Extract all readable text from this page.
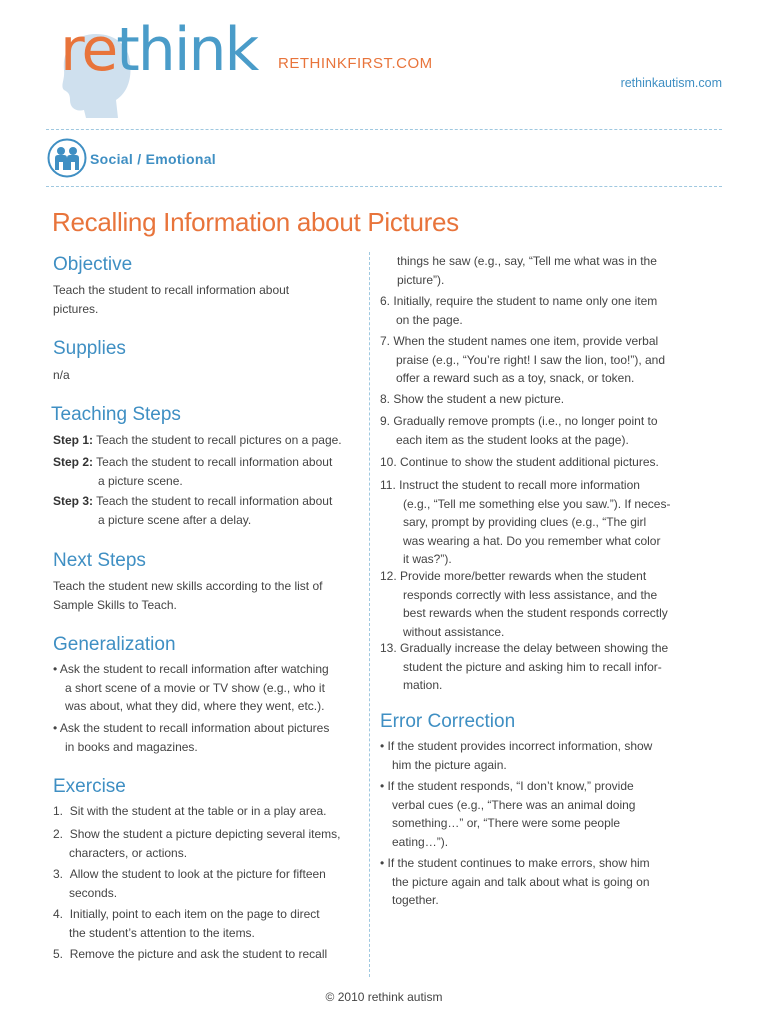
rethink RETHINKFIRST.COM
rethinkautism.com
Social / Emotional
Recalling Information about Pictures
Objective
Teach the student to recall information about
pictures.
Supplies
n/a
Teaching Steps
Step 1: Teach the student to recall pictures on a page.
Step 2: Teach the student to recall information about
a picture scene.
Step 3: Teach the student to recall information about
a picture scene after a delay.
Next Steps
Teach the student new skills according to the list of
Sample Skills to Teach.
Generalization
• Ask the student to recall information after watching
a short scene of a movie or TV show (e.g., who it
was about, what they did, where they went, etc.).
• Ask the student to recall information about pictures
in books and magazines.
Exercise
1. Sit with the student at the table or in a play area.
2. Show the student a picture depicting several items,
characters, or actions.
3. Allow the student to look at the picture for fifteen
seconds.
4. Initially, point to each item on the page to direct
the student’s attention to the items.
5. Remove the picture and ask the student to recall
things he saw (e.g., say, “Tell me what was in the
picture”).
6. Initially, require the student to name only one item
on the page.
7. When the student names one item, provide verbal
praise (e.g., “You’re right! I saw the lion, too!”), and
offer a reward such as a toy, snack, or token.
8. Show the student a new picture.
9. Gradually remove prompts (i.e., no longer point to
each item as the student looks at the page).
10. Continue to show the student additional pictures.
11. Instruct the student to recall more information
(e.g., “Tell me something else you saw.”). If neces-
sary, prompt by providing clues (e.g., “The girl
was wearing a hat. Do you remember what color
it was?”).
12. Provide more/better rewards when the student
responds correctly with less assistance, and the
best rewards when the student responds correctly
without assistance.
13. Gradually increase the delay between showing the
student the picture and asking him to recall infor-
mation.
Error Correction
• If the student provides incorrect information, show
him the picture again.
• If the student responds, “I don’t know,” provide
verbal cues (e.g., “There was an animal doing
something…” or, “There were some people
eating…”).
• If the student continues to make errors, show him
the picture again and talk about what is going on
together.
© 2010 rethink autism
